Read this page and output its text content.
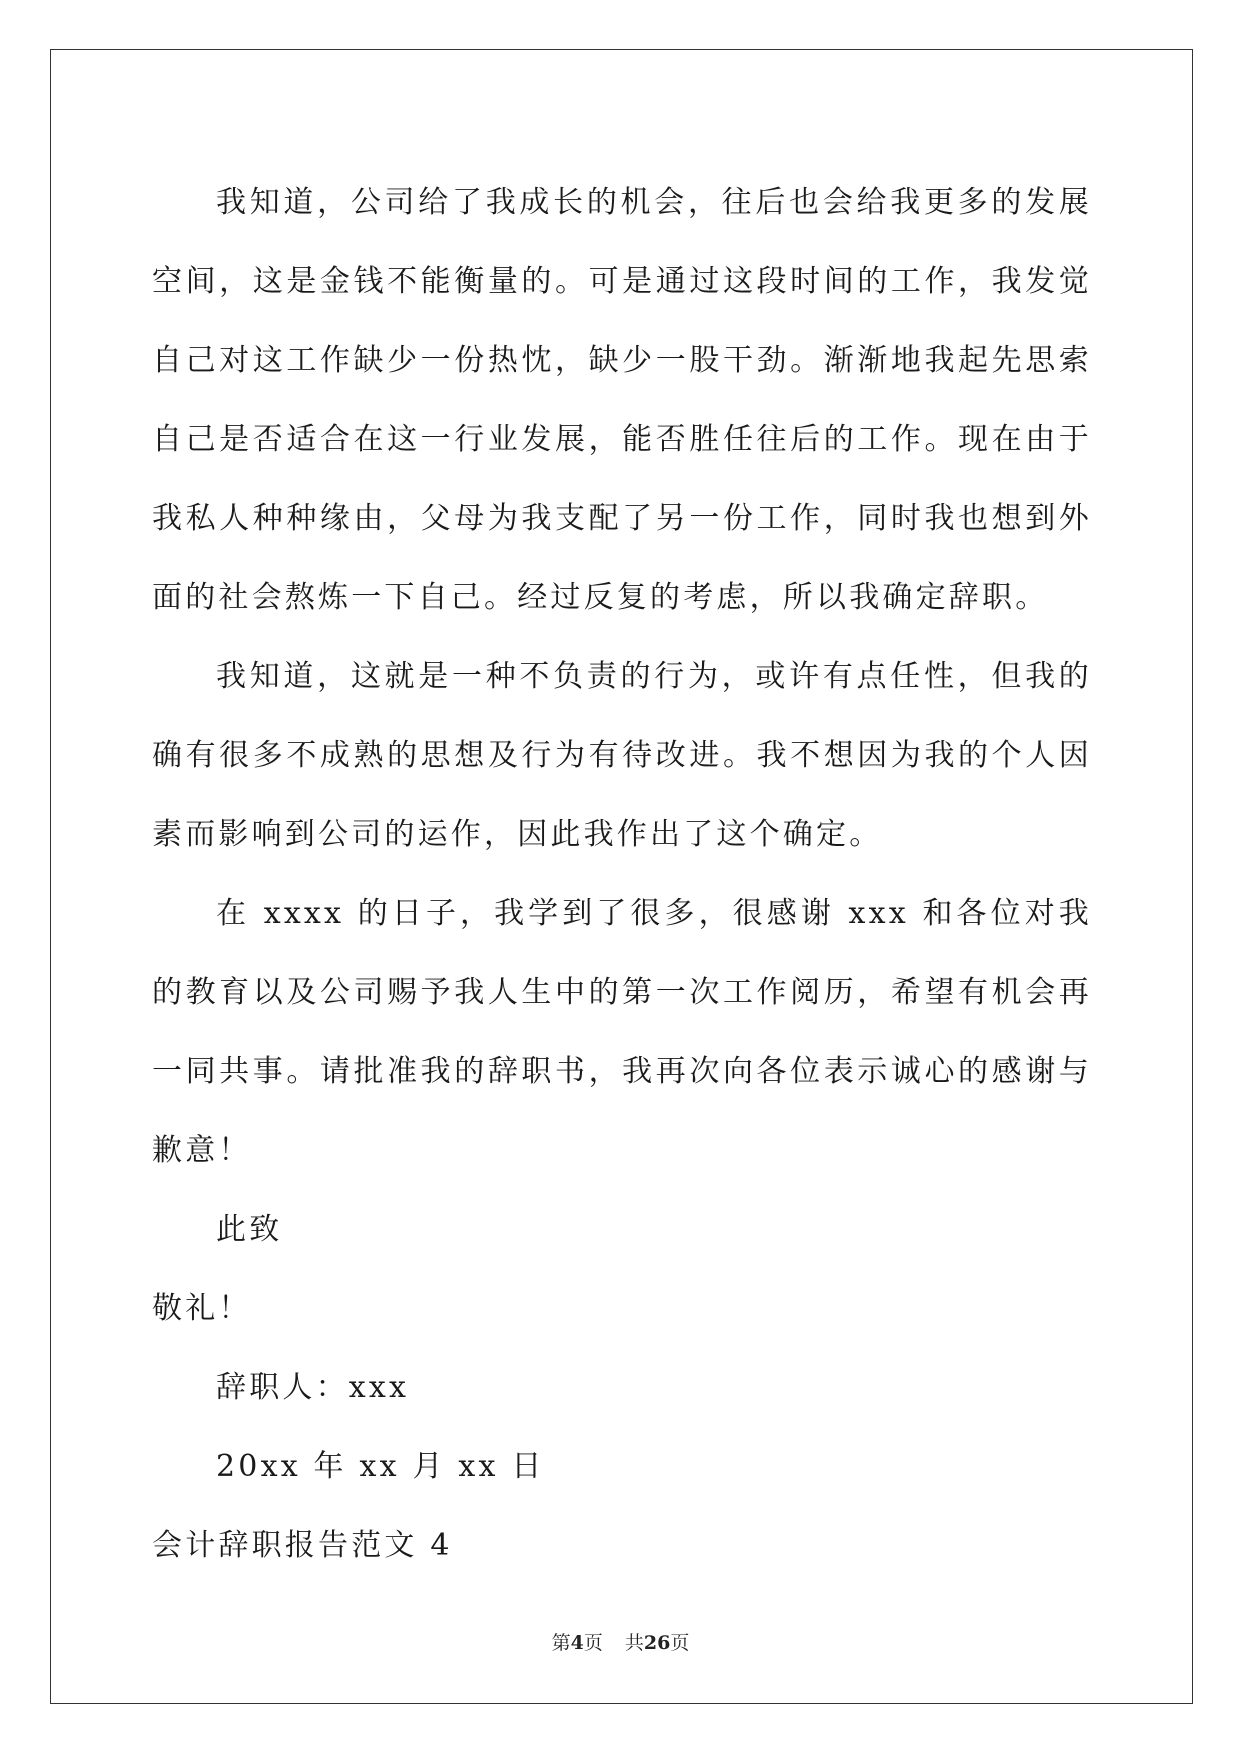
我知道，公司给了我成长的机会，往后也会给我更多的发展空间，这是金钱不能衡量的。可是通过这段时间的工作，我发觉自己对这工作缺少一份热忱，缺少一股干劲。渐渐地我起先思索自己是否适合在这一行业发展，能否胜任往后的工作。现在由于我私人种种缘由，父母为我支配了另一份工作，同时我也想到外面的社会熬炼一下自己。经过反复的考虑，所以我确定辞职。

我知道，这就是一种不负责的行为，或许有点任性，但我的确有很多不成熟的思想及行为有待改进。我不想因为我的个人因素而影响到公司的运作，因此我作出了这个确定。

在 xxxx 的日子，我学到了很多，很感谢 xxx 和各位对我的教育以及公司赐予我人生中的第一次工作阅历，希望有机会再一同共事。请批准我的辞职书，我再次向各位表示诚心的感谢与歉意！

此致

敬礼！

辞职人：xxx

20xx 年 xx 月 xx 日

会计辞职报告范文 4

第4页 共26页
